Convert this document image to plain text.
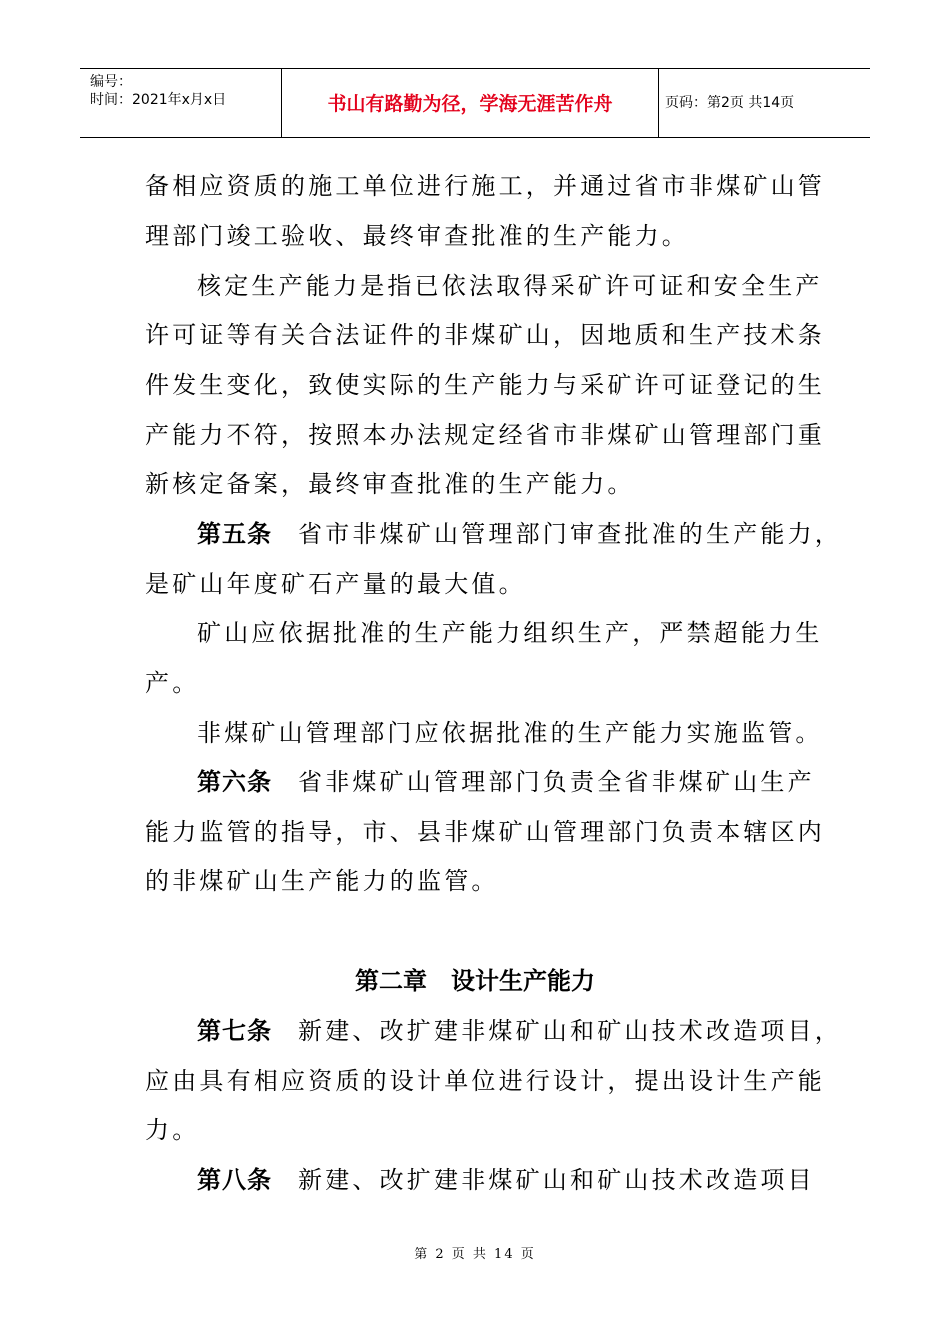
编号：
时间：2021年x月x日	书山有路勤为径，学海无涯苦作舟	页码：第2页 共14页
备相应资质的施工单位进行施工，并通过省市非煤矿山管
理部门竣工验收、最终审查批准的生产能力。
核定生产能力是指已依法取得采矿许可证和安全生产
许可证等有关合法证件的非煤矿山，因地质和生产技术条
件发生变化，致使实际的生产能力与采矿许可证登记的生
产能力不符，按照本办法规定经省市非煤矿山管理部门重
新核定备案，最终审查批准的生产能力。
第五条 省市非煤矿山管理部门审查批准的生产能力，
是矿山年度矿石产量的最大值。
矿山应依据批准的生产能力组织生产，严禁超能力生
产。
非煤矿山管理部门应依据批准的生产能力实施监管。
第六条 省非煤矿山管理部门负责全省非煤矿山生产
能力监管的指导，市、县非煤矿山管理部门负责本辖区内
的非煤矿山生产能力的监管。
第二章 设计生产能力
第七条 新建、改扩建非煤矿山和矿山技术改造项目，
应由具有相应资质的设计单位进行设计，提出设计生产能
力。
第八条 新建、改扩建非煤矿山和矿山技术改造项目
第 2 页 共 14 页
